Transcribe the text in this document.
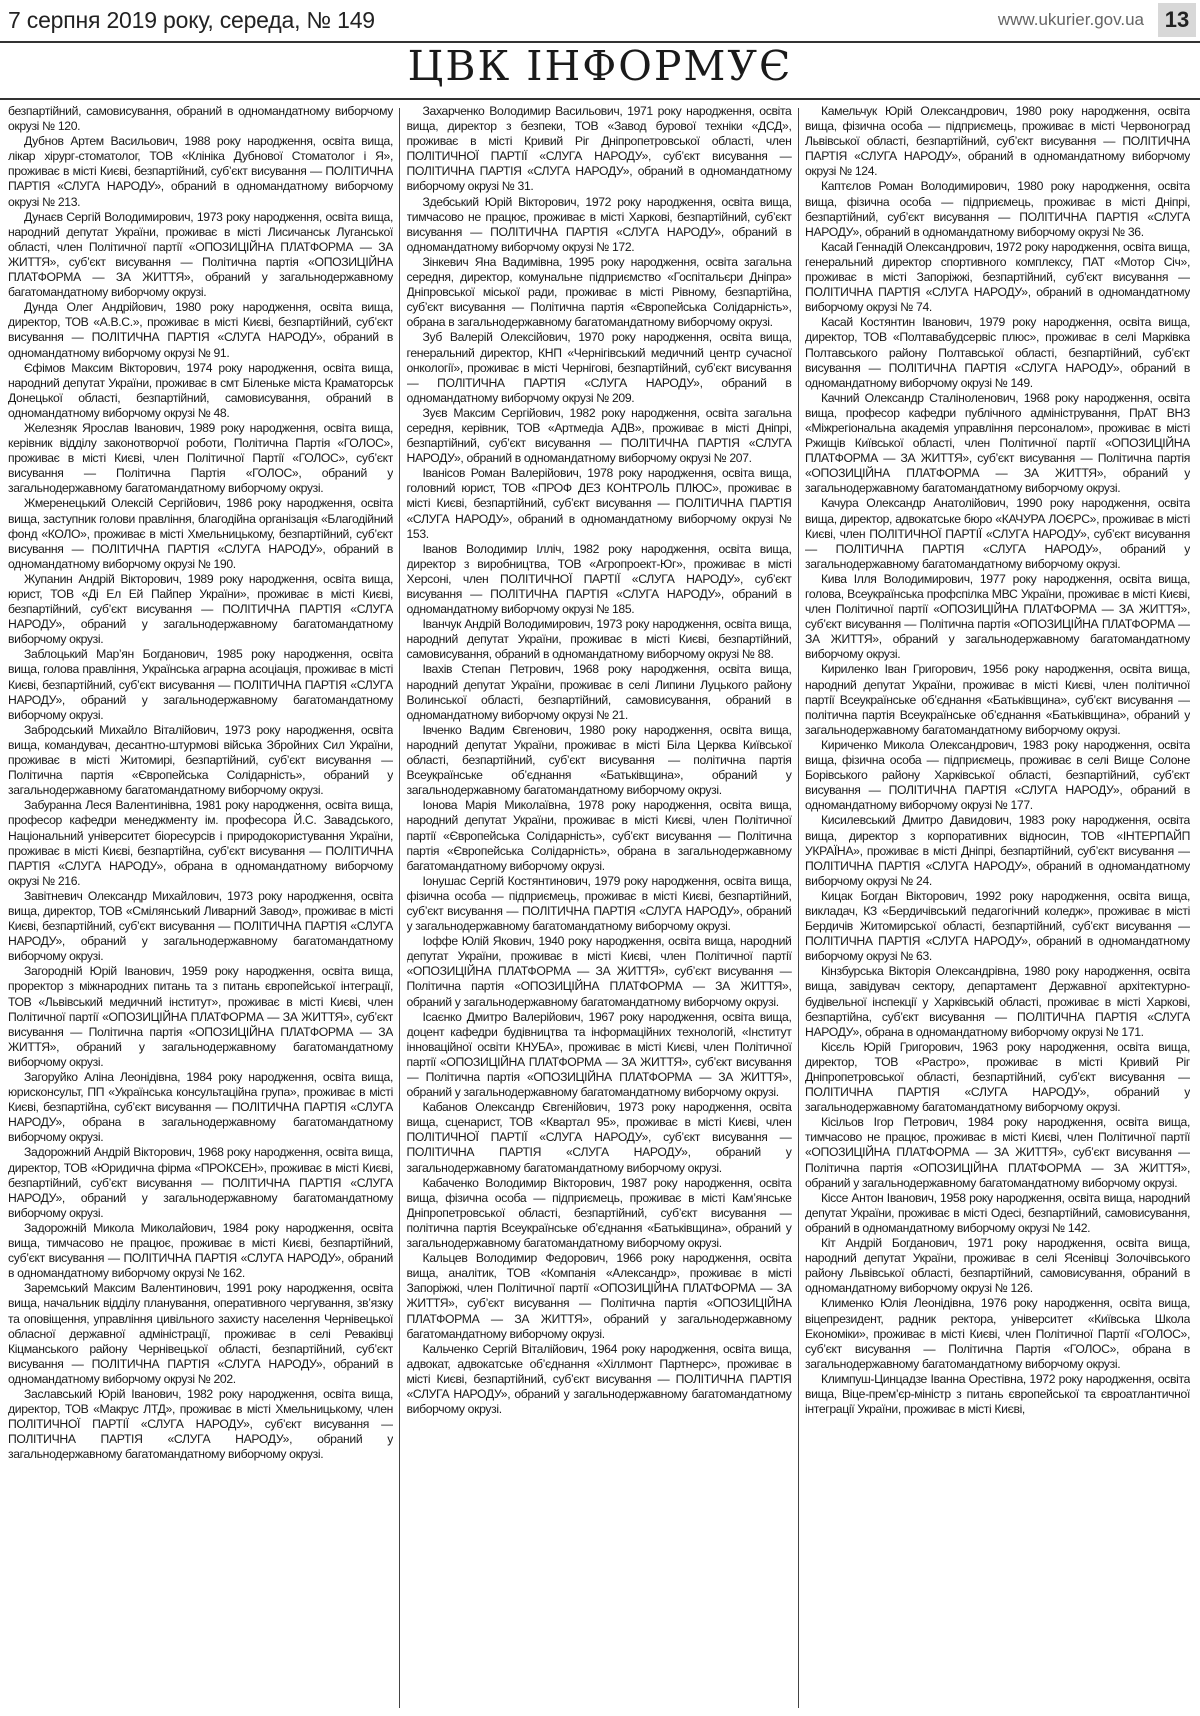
7 серпня 2019 року, середа, № 149	www.ukurier.gov.ua 13
ЦВК ІНФОРМУЄ

безпартійний, самовисування, обраний в одномандатному виборчому окрузі № 120.

Дубнов Артем Васильович, 1988 року народження, освіта вища, лікар хірург-стоматолог, ТОВ «Клініка Дубнової Стоматолог і Я», проживає в місті Києві, безпартійний, суб’єкт висування — ПОЛІТИЧНА ПАРТІЯ «СЛУГА НАРОДУ», обраний в одномандатному виборчому окрузі № 213.

Дунаєв Сергій Володимирович, 1973 року народження, освіта вища, народний депутат України, проживає в місті Лисичанськ Луганської області, член Політичної партії «ОПОЗИЦІЙНА ПЛАТФОРМА — ЗА ЖИТТЯ», суб’єкт висування — Політична партія «ОПОЗИЦІЙНА ПЛАТФОРМА — ЗА ЖИТТЯ», обраний у загальнодержавному багатомандатному виборчому окрузі.

Дунда Олег Андрійович, 1980 року народження, освіта вища, директор, ТОВ «А.В.С.», проживає в місті Києві, безпартійний, суб’єкт висування — ПОЛІТИЧНА ПАРТІЯ «СЛУГА НАРОДУ», обраний в одномандатному виборчому окрузі № 91.

Єфімов Максим Вікторович, 1974 року народження, освіта вища, народний депутат України, проживає в смт Біленьке міста Краматорськ Донецької області, безпартійний, самовисування, обраний в одномандатному виборчому окрузі № 48.

Железняк Ярослав Іванович, 1989 року народження, освіта вища, керівник відділу законотворчої роботи, Політична Партія «ГОЛОС», проживає в місті Києві, член Політичної Партії «ГОЛОС», суб’єкт висування — Політична Партія «ГОЛОС», обраний у загальнодержавному багатомандатному виборчому окрузі.

Жмеренецький Олексій Сергійович, 1986 року народження, освіта вища, заступник голови правління, благодійна організація «Благодійний фонд «КОЛО», проживає в місті Хмельницькому, безпартійний, суб’єкт висування — ПОЛІТИЧНА ПАРТІЯ «СЛУГА НАРОДУ», обраний в одномандатному виборчому окрузі № 190.

Жупанин Андрій Вікторович, 1989 року народження, освіта вища, юрист, ТОВ «Ді Ел Ей Пайпер України», проживає в місті Києві, безпартійний, суб’єкт висування — ПОЛІТИЧНА ПАРТІЯ «СЛУГА НАРОДУ», обраний у загальнодержавному багатомандатному виборчому окрузі.

Заблоцький Мар’ян Богданович, 1985 року народження, освіта вища, голова правління, Українська аграрна асоціація, проживає в місті Києві, безпартійний, суб’єкт висування — ПОЛІТИЧНА ПАРТІЯ «СЛУГА НАРОДУ», обраний у загальнодержавному багатомандатному виборчому окрузі.

Забродський Михайло Віталійович, 1973 року народження, освіта вища, командувач, десантно-штурмові війська Збройних Сил України, проживає в місті Житомирі, безпартійний, суб’єкт висування — Політична партія «Європейська Солідарність», обраний у загальнодержавному багатомандатному виборчому окрузі.

Забуранна Леся Валентинівна, 1981 року народження, освіта вища, професор кафедри менеджменту ім. професора Й.С. Завадського, Національний університет біоресурсів і природокористування України, проживає в місті Києві, безпартійна, суб’єкт висування — ПОЛІТИЧНА ПАРТІЯ «СЛУГА НАРОДУ», обрана в одномандатному виборчому окрузі № 216.

Завітневич Олександр Михайлович, 1973 року народження, освіта вища, директор, ТОВ «Смілянський Ливарний Завод», проживає в місті Києві, безпартійний, суб’єкт висування — ПОЛІТИЧНА ПАРТІЯ «СЛУГА НАРОДУ», обраний у загальнодержавному багатомандатному виборчому окрузі.

Загородній Юрій Іванович, 1959 року народження, освіта вища, проректор з міжнародних питань та з питань європейської інтеграції, ТОВ «Львівський медичний інститут», проживає в місті Києві, член Політичної партії «ОПОЗИЦІЙНА ПЛАТФОРМА — ЗА ЖИТТЯ», суб’єкт висування — Політична партія «ОПОЗИЦІЙНА ПЛАТФОРМА — ЗА ЖИТТЯ», обраний у загальнодержавному багатомандатному виборчому окрузі.

Загоруйко Аліна Леонідівна, 1984 року народження, освіта вища, юрисконсульт, ПП «Українська консультаційна група», проживає в місті Києві, безпартійна, суб’єкт висування — ПОЛІТИЧНА ПАРТІЯ «СЛУГА НАРОДУ», обрана в загальнодержавному багатомандатному виборчому окрузі.

Задорожний Андрій Вікторович, 1968 року народження, освіта вища, директор, ТОВ «Юридична фірма «ПРОКСЕН», проживає в місті Києві, безпартійний, суб’єкт висування — ПОЛІТИЧНА ПАРТІЯ «СЛУГА НАРОДУ», обраний у загальнодержавному багатомандатному виборчому окрузі.

Задорожній Микола Миколайович, 1984 року народження, освіта вища, тимчасово не працює, проживає в місті Києві, безпартійний, суб’єкт висування — ПОЛІТИЧНА ПАРТІЯ «СЛУГА НАРОДУ», обраний в одномандатному виборчому окрузі № 162.

Заремський Максим Валентинович, 1991 року народження, освіта вища, начальник відділу планування, оперативного чергування, зв’язку та оповіщення, управління цивільного захисту населення Чернівецької обласної державної адміністрації, проживає в селі Реваківці Кіцманського району Чернівецької області, безпартійний, суб’єкт висування — ПОЛІТИЧНА ПАРТІЯ «СЛУГА НАРОДУ», обраний в одномандатному виборчому окрузі № 202.

Заславський Юрій Іванович, 1982 року народження, освіта вища, директор, ТОВ «Макрус ЛТД», проживає в місті Хмельницькому, член ПОЛІТИЧНОЇ ПАРТІЇ «СЛУГА НАРОДУ», суб’єкт висування — ПОЛІТИЧНА ПАРТІЯ «СЛУГА НАРОДУ», обраний у загальнодержавному багатомандатному виборчому окрузі.

Захарченко Володимир Васильович, 1971 року народження, освіта вища, директор з безпеки, ТОВ «Завод бурової техніки «ДСД», проживає в місті Кривий Ріг Дніпропетровської області, член ПОЛІТИЧНОЇ ПАРТІЇ «СЛУГА НАРОДУ», суб’єкт висування — ПОЛІТИЧНА ПАРТІЯ «СЛУГА НАРОДУ», обраний в одномандатному виборчому окрузі № 31.

Здебський Юрій Вікторович, 1972 року народження, освіта вища, тимчасово не працює, проживає в місті Харкові, безпартійний, суб’єкт висування — ПОЛІТИЧНА ПАРТІЯ «СЛУГА НАРОДУ», обраний в одномандатному виборчому окрузі № 172.

Зінкевич Яна Вадимівна, 1995 року народження, освіта загальна середня, директор, комунальне підприємство «Госпітальєри Дніпра» Дніпровської міської ради, проживає в місті Рівному, безпартійна, суб’єкт висування — Політична партія «Європейська Солідарність», обрана в загальнодержавному багатомандатному виборчому окрузі.

Зуб Валерій Олексійович, 1970 року народження, освіта вища, генеральний директор, КНП «Чернігівський медичний центр сучасної онкології», проживає в місті Чернігові, безпартійний, суб’єкт висування — ПОЛІТИЧНА ПАРТІЯ «СЛУГА НАРОДУ», обраний в одномандатному виборчому окрузі № 209.

Зуєв Максим Сергійович, 1982 року народження, освіта загальна середня, керівник, ТОВ «Артмедіа АДВ», проживає в місті Дніпрі, безпартійний, суб’єкт висування — ПОЛІТИЧНА ПАРТІЯ «СЛУГА НАРОДУ», обраний в одномандатному виборчому окрузі № 207.

Іванісов Роман Валерійович, 1978 року народження, освіта вища, головний юрист, ТОВ «ПРОФ ДЕЗ КОНТРОЛЬ ПЛЮС», проживає в місті Києві, безпартійний, суб’єкт висування — ПОЛІТИЧНА ПАРТІЯ «СЛУГА НАРОДУ», обраний в одномандатному виборчому окрузі № 153.

Іванов Володимир Ілліч, 1982 року народження, освіта вища, директор з виробництва, ТОВ «Агропроект-Юг», проживає в місті Херсоні, член ПОЛІТИЧНОЇ ПАРТІЇ «СЛУГА НАРОДУ», суб’єкт висування — ПОЛІТИЧНА ПАРТІЯ «СЛУГА НАРОДУ», обраний в одномандатному виборчому окрузі № 185.

Іванчук Андрій Володимирович, 1973 року народження, освіта вища, народний депутат України, проживає в місті Києві, безпартійний, самовисування, обраний в одномандатному виборчому окрузі № 88.

Івахів Степан Петрович, 1968 року народження, освіта вища, народний депутат України, проживає в селі Липини Луцького району Волинської області, безпартійний, самовисування, обраний в одномандатному виборчому окрузі № 21.

Івченко Вадим Євгенович, 1980 року народження, освіта вища, народний депутат України, проживає в місті Біла Церква Київської області, безпартійний, суб’єкт висування — політична партія Всеукраїнське об’єднання «Батьківщина», обраний у загальнодержавному багатомандатному виборчому окрузі.

Іонова Марія Миколаївна, 1978 року народження, освіта вища, народний депутат України, проживає в місті Києві, член Політичної партії «Європейська Солідарність», суб’єкт висування — Політична партія «Європейська Солідарність», обрана в загальнодержавному багатомандатному виборчому окрузі.

Іонушас Сергій Костянтинович, 1979 року народження, освіта вища, фізична особа — підприємець, проживає в місті Києві, безпартійний, суб’єкт висування — ПОЛІТИЧНА ПАРТІЯ «СЛУГА НАРОДУ», обраний у загальнодержавному багатомандатному виборчому окрузі.

Іоффе Юлій Якович, 1940 року народження, освіта вища, народний депутат України, проживає в місті Києві, член Політичної партії «ОПОЗИЦІЙНА ПЛАТФОРМА — ЗА ЖИТТЯ», суб’єкт висування — Політична партія «ОПОЗИЦІЙНА ПЛАТФОРМА — ЗА ЖИТТЯ», обраний у загальнодержавному багатомандатному виборчому окрузі.

Ісаєнко Дмитро Валерійович, 1967 року народження, освіта вища, доцент кафедри будівництва та інформаційних технологій, «Інститут інноваційної освіти КНУБА», проживає в місті Києві, член Політичної партії «ОПОЗИЦІЙНА ПЛАТФОРМА — ЗА ЖИТТЯ», суб’єкт висування — Політична партія «ОПОЗИЦІЙНА ПЛАТФОРМА — ЗА ЖИТТЯ», обраний у загальнодержавному багатомандатному виборчому окрузі.

Кабанов Олександр Євгенійович, 1973 року народження, освіта вища, сценарист, ТОВ «Квартал 95», проживає в місті Києві, член ПОЛІТИЧНОЇ ПАРТІЇ «СЛУГА НАРОДУ», суб’єкт висування — ПОЛІТИЧНА ПАРТІЯ «СЛУГА НАРОДУ», обраний у загальнодержавному багатомандатному виборчому окрузі.

Кабаченко Володимир Вікторович, 1987 року народження, освіта вища, фізична особа — підприємець, проживає в місті Кам’янське Дніпропетровської області, безпартійний, суб’єкт висування — політична партія Всеукраїнське об’єднання «Батьківщина», обраний у загальнодержавному багатомандатному виборчому окрузі.

Кальцев Володимир Федорович, 1966 року народження, освіта вища, аналітик, ТОВ «Компанія «Александр», проживає в місті Запоріжжі, член Політичної партії «ОПОЗИЦІЙНА ПЛАТФОРМА — ЗА ЖИТТЯ», суб’єкт висування — Політична партія «ОПОЗИЦІЙНА ПЛАТФОРМА — ЗА ЖИТТЯ», обраний у загальнодержавному багатомандатному виборчому окрузі.

Кальченко Сергій Віталійович, 1964 року народження, освіта вища, адвокат, адвокатське об’єднання «Хіллмонт Партнерс», проживає в місті Києві, безпартійний, суб’єкт висування — ПОЛІТИЧНА ПАРТІЯ «СЛУГА НАРОДУ», обраний у загальнодержавному багатомандатному виборчому окрузі.

Камельчук Юрій Олександрович, 1980 року народження, освіта вища, фізична особа — підприємець, проживає в місті Червоноград Львівської області, безпартійний, суб’єкт висування — ПОЛІТИЧНА ПАРТІЯ «СЛУГА НАРОДУ», обраний в одномандатному виборчому окрузі № 124.

Каптєлов Роман Володимирович, 1980 року народження, освіта вища, фізична особа — підприємець, проживає в місті Дніпрі, безпартійний, суб’єкт висування — ПОЛІТИЧНА ПАРТІЯ «СЛУГА НАРОДУ», обраний в одномандатному виборчому окрузі № 36.

Касай Геннадій Олександрович, 1972 року народження, освіта вища, генеральний директор спортивного комплексу, ПАТ «Мотор Січ», проживає в місті Запоріжжі, безпартійний, суб’єкт висування — ПОЛІТИЧНА ПАРТІЯ «СЛУГА НАРОДУ», обраний в одномандатному виборчому окрузі № 74.

Касай Костянтин Іванович, 1979 року народження, освіта вища, директор, ТОВ «Полтавабудсервіс плюс», проживає в селі Марківка Полтавського району Полтавської області, безпартійний, суб’єкт висування — ПОЛІТИЧНА ПАРТІЯ «СЛУГА НАРОДУ», обраний в одномандатному виборчому окрузі № 149.

Качний Олександр Сталіноленович, 1968 року народження, освіта вища, професор кафедри публічного адміністрування, ПрАТ ВНЗ «Міжрегіональна академія управління персоналом», проживає в місті Ржищів Київської області, член Політичної партії «ОПОЗИЦІЙНА ПЛАТФОРМА — ЗА ЖИТТЯ», суб’єкт висування — Політична партія «ОПОЗИЦІЙНА ПЛАТФОРМА — ЗА ЖИТТЯ», обраний у загальнодержавному багатомандатному виборчому окрузі.

Качура Олександр Анатолійович, 1990 року народження, освіта вища, директор, адвокатське бюро «КАЧУРА ЛОЄРС», проживає в місті Києві, член ПОЛІТИЧНОЇ ПАРТІЇ «СЛУГА НАРОДУ», суб’єкт висування — ПОЛІТИЧНА ПАРТІЯ «СЛУГА НАРОДУ», обраний у загальнодержавному багатомандатному виборчому окрузі.

Кива Ілля Володимирович, 1977 року народження, освіта вища, голова, Всеукраїнська профспілка МВС України, проживає в місті Києві, член Політичної партії «ОПОЗИЦІЙНА ПЛАТФОРМА — ЗА ЖИТТЯ», суб’єкт висування — Політична партія «ОПОЗИЦІЙНА ПЛАТФОРМА — ЗА ЖИТТЯ», обраний у загальнодержавному багатомандатному виборчому окрузі.

Кириленко Іван Григорович, 1956 року народження, освіта вища, народний депутат України, проживає в місті Києві, член політичної партії Всеукраїнське об’єднання «Батьківщина», суб’єкт висування — політична партія Всеукраїнське об’єднання «Батьківщина», обраний у загальнодержавному багатомандатному виборчому окрузі.

Кириченко Микола Олександрович, 1983 року народження, освіта вища, фізична особа — підприємець, проживає в селі Вище Солоне Борівського району Харківської області, безпартійний, суб’єкт висування — ПОЛІТИЧНА ПАРТІЯ «СЛУГА НАРОДУ», обраний в одномандатному виборчому окрузі № 177.

Кисилевський Дмитро Давидович, 1983 року народження, освіта вища, директор з корпоративних відносин, ТОВ «ІНТЕРПАЙП УКРАЇНА», проживає в місті Дніпрі, безпартійний, суб’єкт висування — ПОЛІТИЧНА ПАРТІЯ «СЛУГА НАРОДУ», обраний в одномандатному виборчому окрузі № 24.

Кицак Богдан Вікторович, 1992 року народження, освіта вища, викладач, КЗ «Бердичівський педагогічний коледж», проживає в місті Бердичів Житомирської області, безпартійний, суб’єкт висування — ПОЛІТИЧНА ПАРТІЯ «СЛУГА НАРОДУ», обраний в одномандатному виборчому окрузі № 63.

Кінзбурська Вікторія Олександрівна, 1980 року народження, освіта вища, завідувач сектору, департамент Державної архітектурно-будівельної інспекції у Харківській області, проживає в місті Харкові, безпартійна, суб’єкт висування — ПОЛІТИЧНА ПАРТІЯ «СЛУГА НАРОДУ», обрана в одномандатному виборчому окрузі № 171.

Кісєль Юрій Григорович, 1963 року народження, освіта вища, директор, ТОВ «Растро», проживає в місті Кривий Ріг Дніпропетровської області, безпартійний, суб’єкт висування — ПОЛІТИЧНА ПАРТІЯ «СЛУГА НАРОДУ», обраний у загальнодержавному багатомандатному виборчому окрузі.

Кісільов Ігор Петрович, 1984 року народження, освіта вища, тимчасово не працює, проживає в місті Києві, член Політичної партії «ОПОЗИЦІЙНА ПЛАТФОРМА — ЗА ЖИТТЯ», суб’єкт висування — Політична партія «ОПОЗИЦІЙНА ПЛАТФОРМА — ЗА ЖИТТЯ», обраний у загальнодержавному багатомандатному виборчому окрузі.

Кіссе Антон Іванович, 1958 року народження, освіта вища, народний депутат України, проживає в місті Одесі, безпартійний, самовисування, обраний в одномандатному виборчому окрузі № 142.

Кіт Андрій Богданович, 1971 року народження, освіта вища, народний депутат України, проживає в селі Ясенівці Золочівського району Львівської області, безпартійний, самовисування, обраний в одномандатному виборчому окрузі № 126.

Клименко Юлія Леонідівна, 1976 року народження, освіта вища, віцепрезидент, радник ректора, університет «Київська Школа Економіки», проживає в місті Києві, член Політичної Партії «ГОЛОС», суб’єкт висування — Політична Партія «ГОЛОС», обрана в загальнодержавному багатомандатному виборчому окрузі.

Климпуш-Цинцадзе Іванна Орестівна, 1972 року народження, освіта вища, Віце-прем’єр-міністр з питань європейської та євроатлантичної інтеграції України, проживає в місті Києві,
